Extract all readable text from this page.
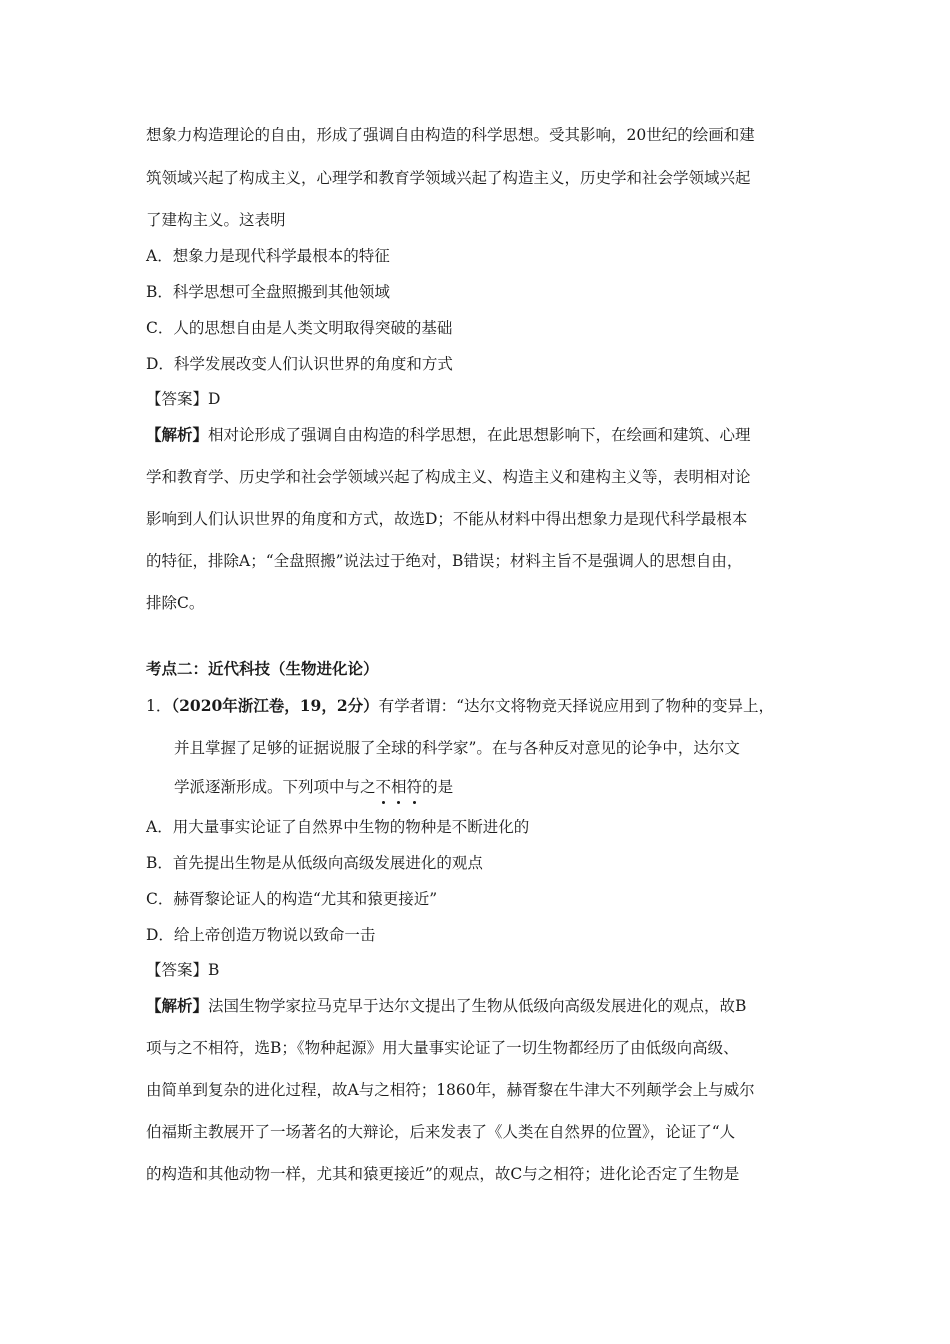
想象力构造理论的自由，形成了强调自由构造的科学思想。受其影响，20世纪的绘画和建
筑领域兴起了构成主义，心理学和教育学领域兴起了构造主义，历史学和社会学领域兴起
了建构主义。这表明
A．想象力是现代科学最根本的特征
B．科学思想可全盘照搬到其他领域
C．人的思想自由是人类文明取得突破的基础
D．科学发展改变人们认识世界的角度和方式
【答案】D
【解析】相对论形成了强调自由构造的科学思想，在此思想影响下，在绘画和建筑、心理
学和教育学、历史学和社会学领域兴起了构成主义、构造主义和建构主义等，表明相对论
影响到人们认识世界的角度和方式，故选D；不能从材料中得出想象力是现代科学最根本
的特征，排除A；“全盘照搬”说法过于绝对，B错误；材料主旨不是强调人的思想自由，
排除C。
考点二：近代科技（生物进化论）
1．（2020年浙江卷，19，2分）有学者谓：“达尔文将物竞天择说应用到了物种的变异上，
并且掌握了足够的证据说服了全球的科学家”。在与各种反对意见的论争中，达尔文
学派逐渐形成。下列项中与之不相符的是
A．用大量事实论证了自然界中生物的物种是不断进化的
B．首先提出生物是从低级向高级发展进化的观点
C．赫胥黎论证人的构造“尤其和猿更接近”
D．给上帝创造万物说以致命一击
【答案】B
【解析】法国生物学家拉马克早于达尔文提出了生物从低级向高级发展进化的观点，故B
项与之不相符，选B；《物种起源》用大量事实论证了一切生物都经历了由低级向高级、
由简单到复杂的进化过程，故A与之相符；1860年，赫胥黎在牛津大不列颠学会上与威尔
伯福斯主教展开了一场著名的大辩论，后来发表了《人类在自然界的位置》，论证了“人
的构造和其他动物一样，尤其和猿更接近”的观点，故C与之相符；进化论否定了生物是
